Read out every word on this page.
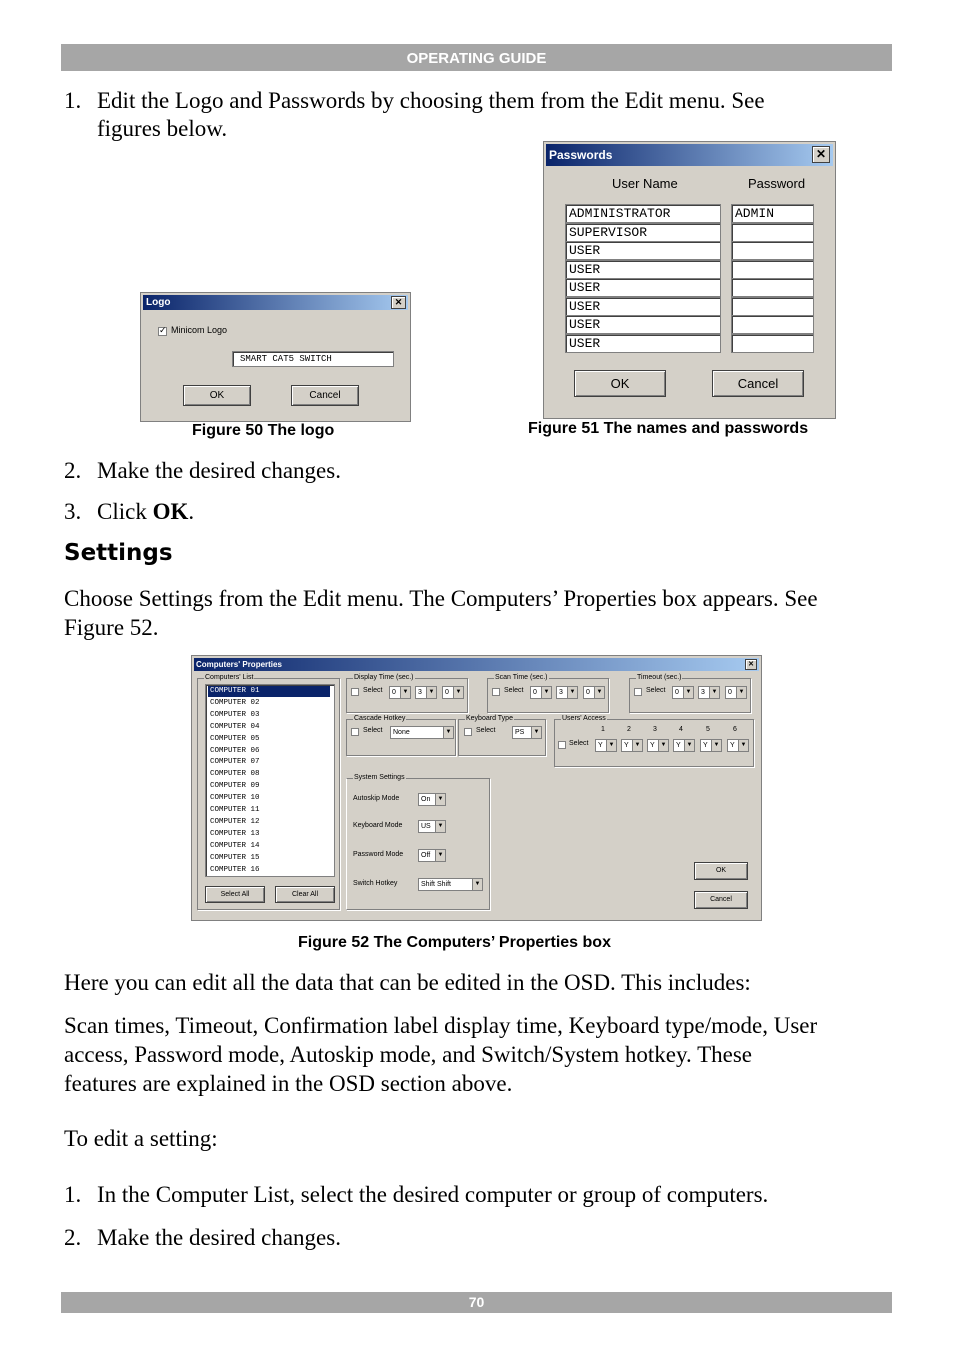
OPERATING GUIDE
70
1. Edit the Logo and Passwords by choosing them from the Edit menu. See
figures below.
Logo	✕
✓ Minicom Logo
SMART CAT5 SWITCH
OK	Cancel
Figure 50 The logo
Passwords	✕
User Name	Password
ADMINISTRATOR	ADMIN
SUPERVISOR
USER
USER
USER
USER
USER
USER
OK	Cancel
Figure 51 The names and passwords
2. Make the desired changes.
3. Click OK.
Settings
Choose Settings from the Edit menu. The Computers’ Properties box appears. See
Figure 52.
Computers' Properties	✕
Computers' List
COMPUTER 01
COMPUTER 02
COMPUTER 03
COMPUTER 04
COMPUTER 05
COMPUTER 06
COMPUTER 07
COMPUTER 08
COMPUTER 09
COMPUTER 10
COMPUTER 11
COMPUTER 12
COMPUTER 13
COMPUTER 14
COMPUTER 15
COMPUTER 16
Select All	Clear All
Display Time (sec.)
Select	0	▼	3	▼	0	▼
Scan Time (sec.)
Select	0	▼	3	▼	0	▼
Timeout (sec.)
Select	0	▼	3	▼	0	▼
Cascade Hotkey
Select	None	▼
Keyboard Type
Select	PS	▼
Users' Access
Select
1
Y ▼
2
Y ▼
3
Y ▼
4
Y ▼
5
Y ▼
6
Y ▼
System Settings
Autoskip Mode	On	▼
Keyboard Mode	US	▼
Password Mode	Off	▼
Switch Hotkey	Shift Shift	▼
OK
Cancel
Figure 52 The Computers’ Properties box
Here you can edit all the data that can be edited in the OSD. This includes:
Scan times, Timeout, Confirmation label display time, Keyboard type/mode, User
access, Password mode, Autoskip mode, and Switch/System hotkey. These
features are explained in the OSD section above.
To edit a setting:
1. In the Computer List, select the desired computer or group of computers.
2. Make the desired changes.
